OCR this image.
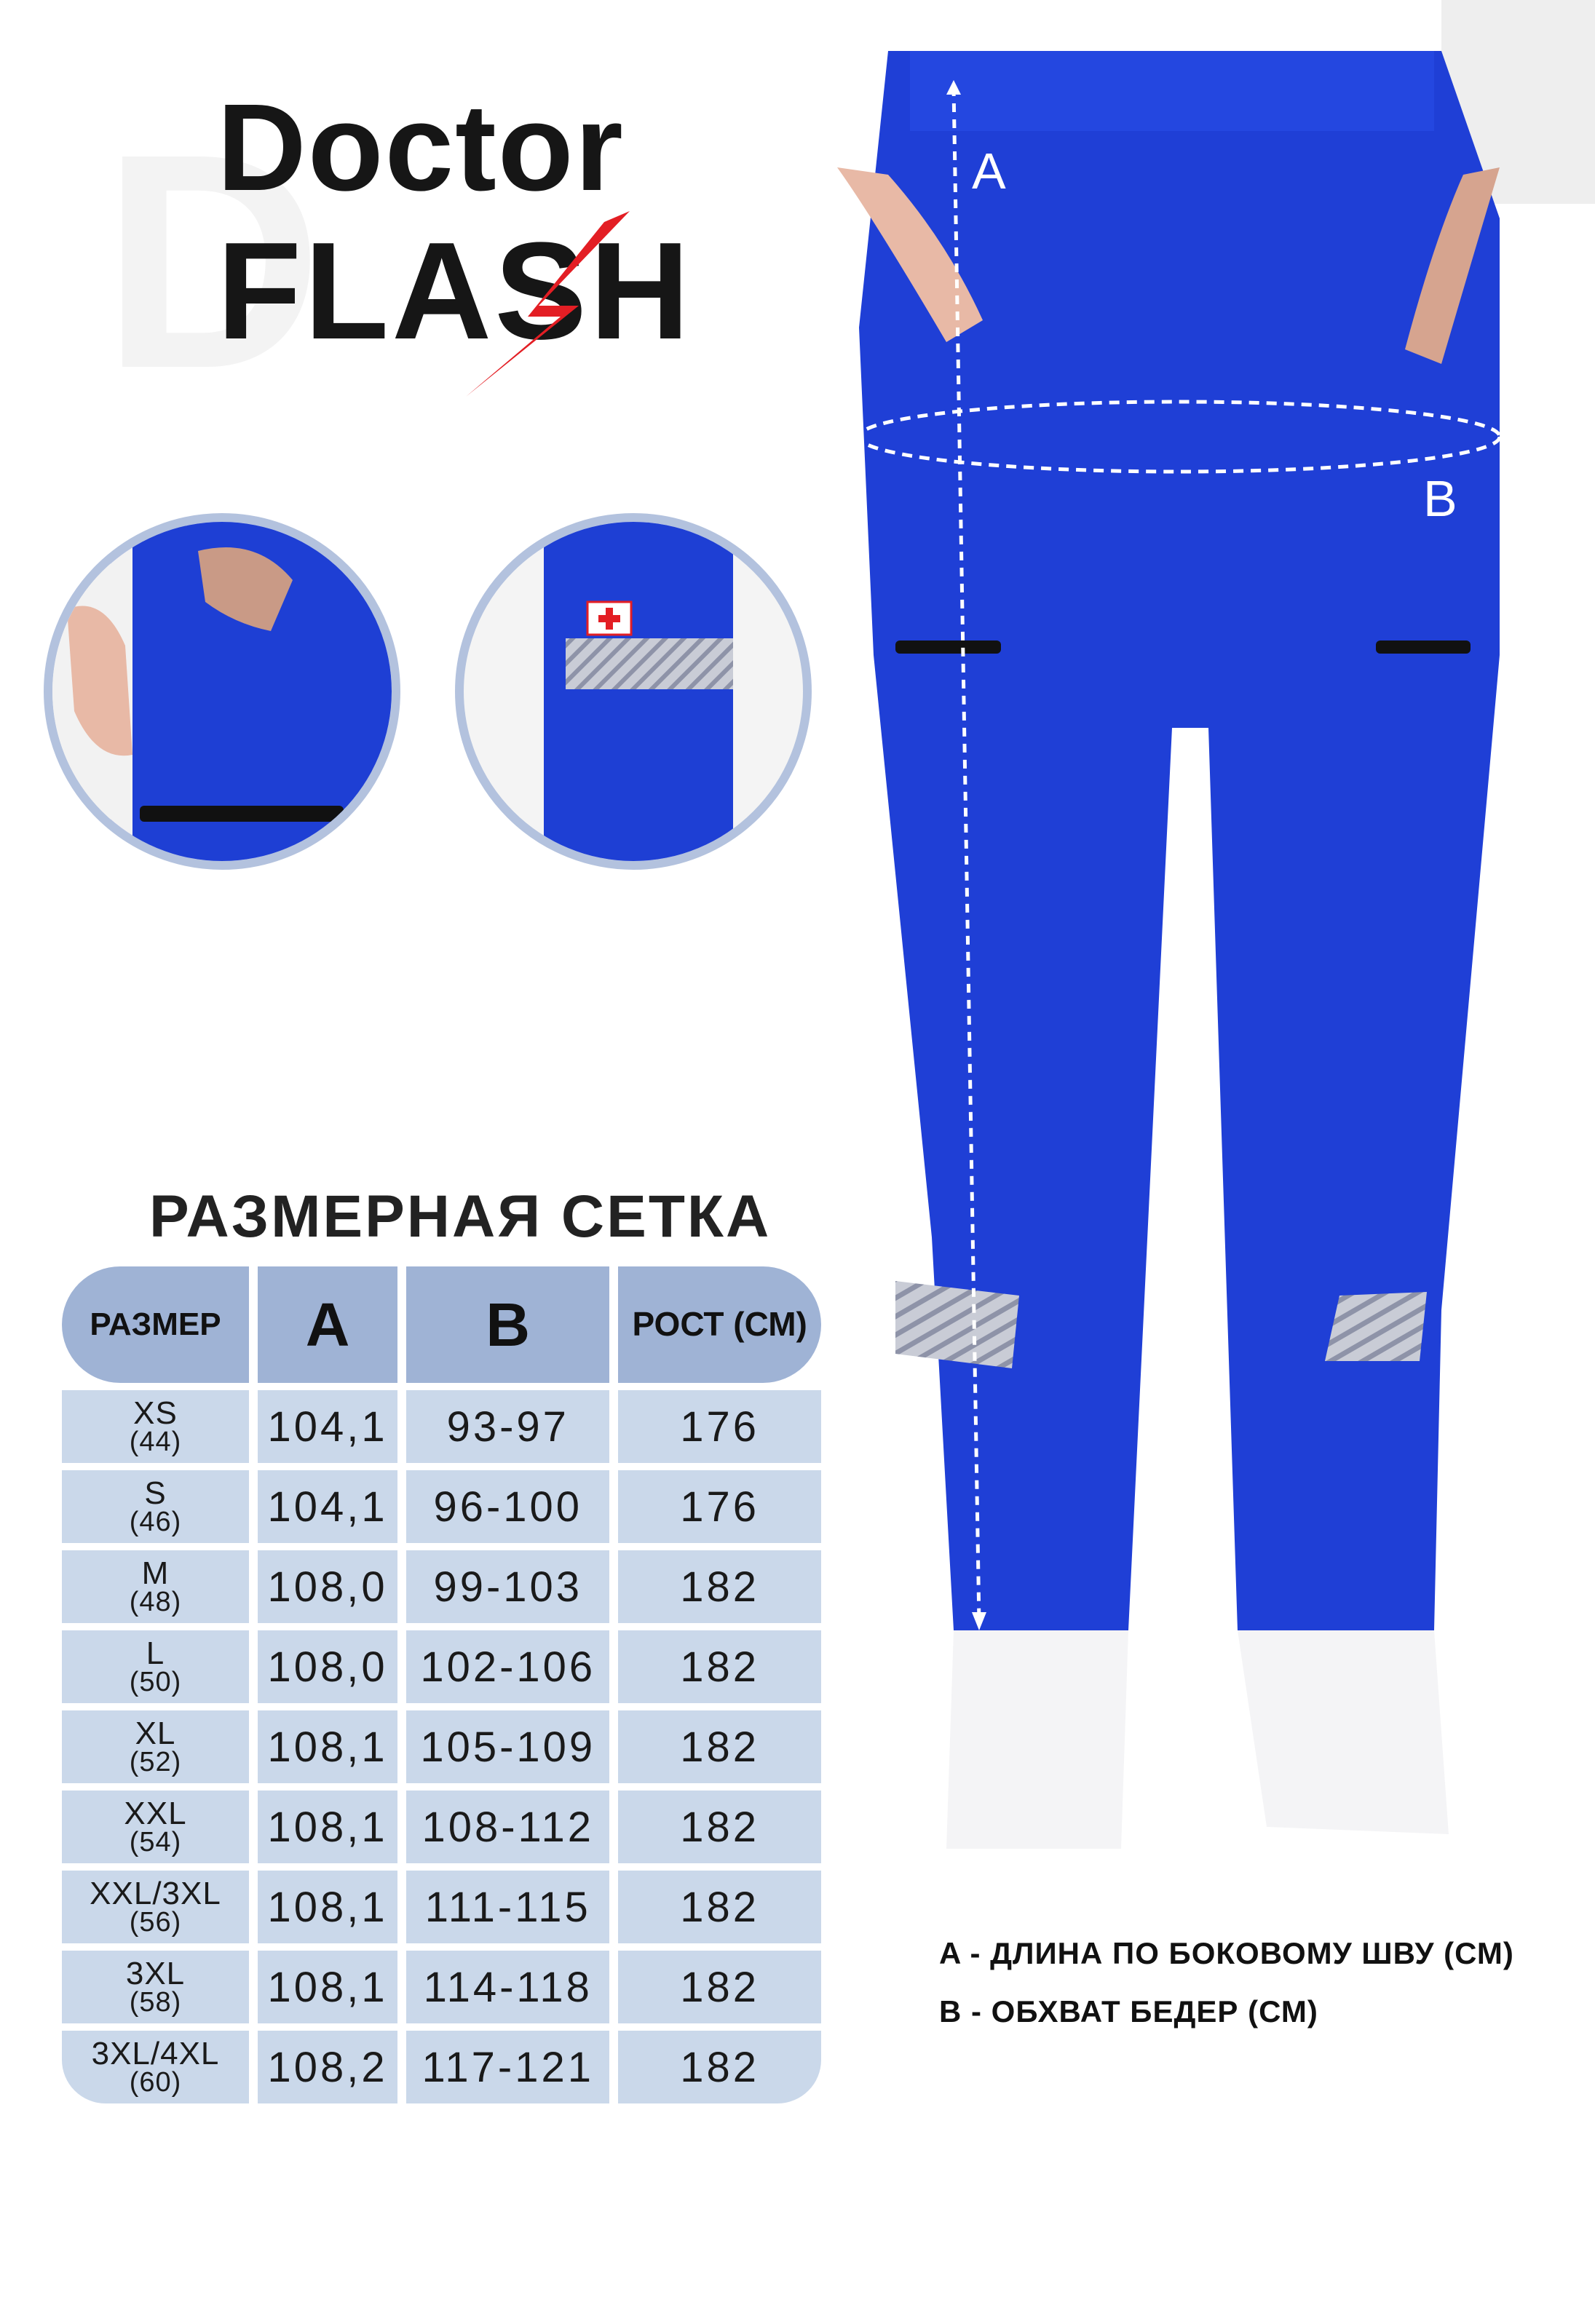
D
Doctor
FLASH
A
B
РАЗМЕРНАЯ СЕТКА
РАЗМЕР	A	B	РОСТ (СМ)

XS
(44)	104,1	93-97	176

S
(46)	104,1	96-100	176

M
(48)	108,0	99-103	182

L
(50)	108,0	102-106	182

XL
(52)	108,1	105-109	182

XXL
(54)	108,1	108-112	182

XXL/3XL
(56)	108,1	111-115	182

3XL
(58)	108,1	114-118	182

3XL/4XL
(60)	108,2	117-121	182
A - ДЛИНА ПО БОКОВОМУ ШВУ (СМ)
B - ОБХВАТ БЕДЕР (СМ)
